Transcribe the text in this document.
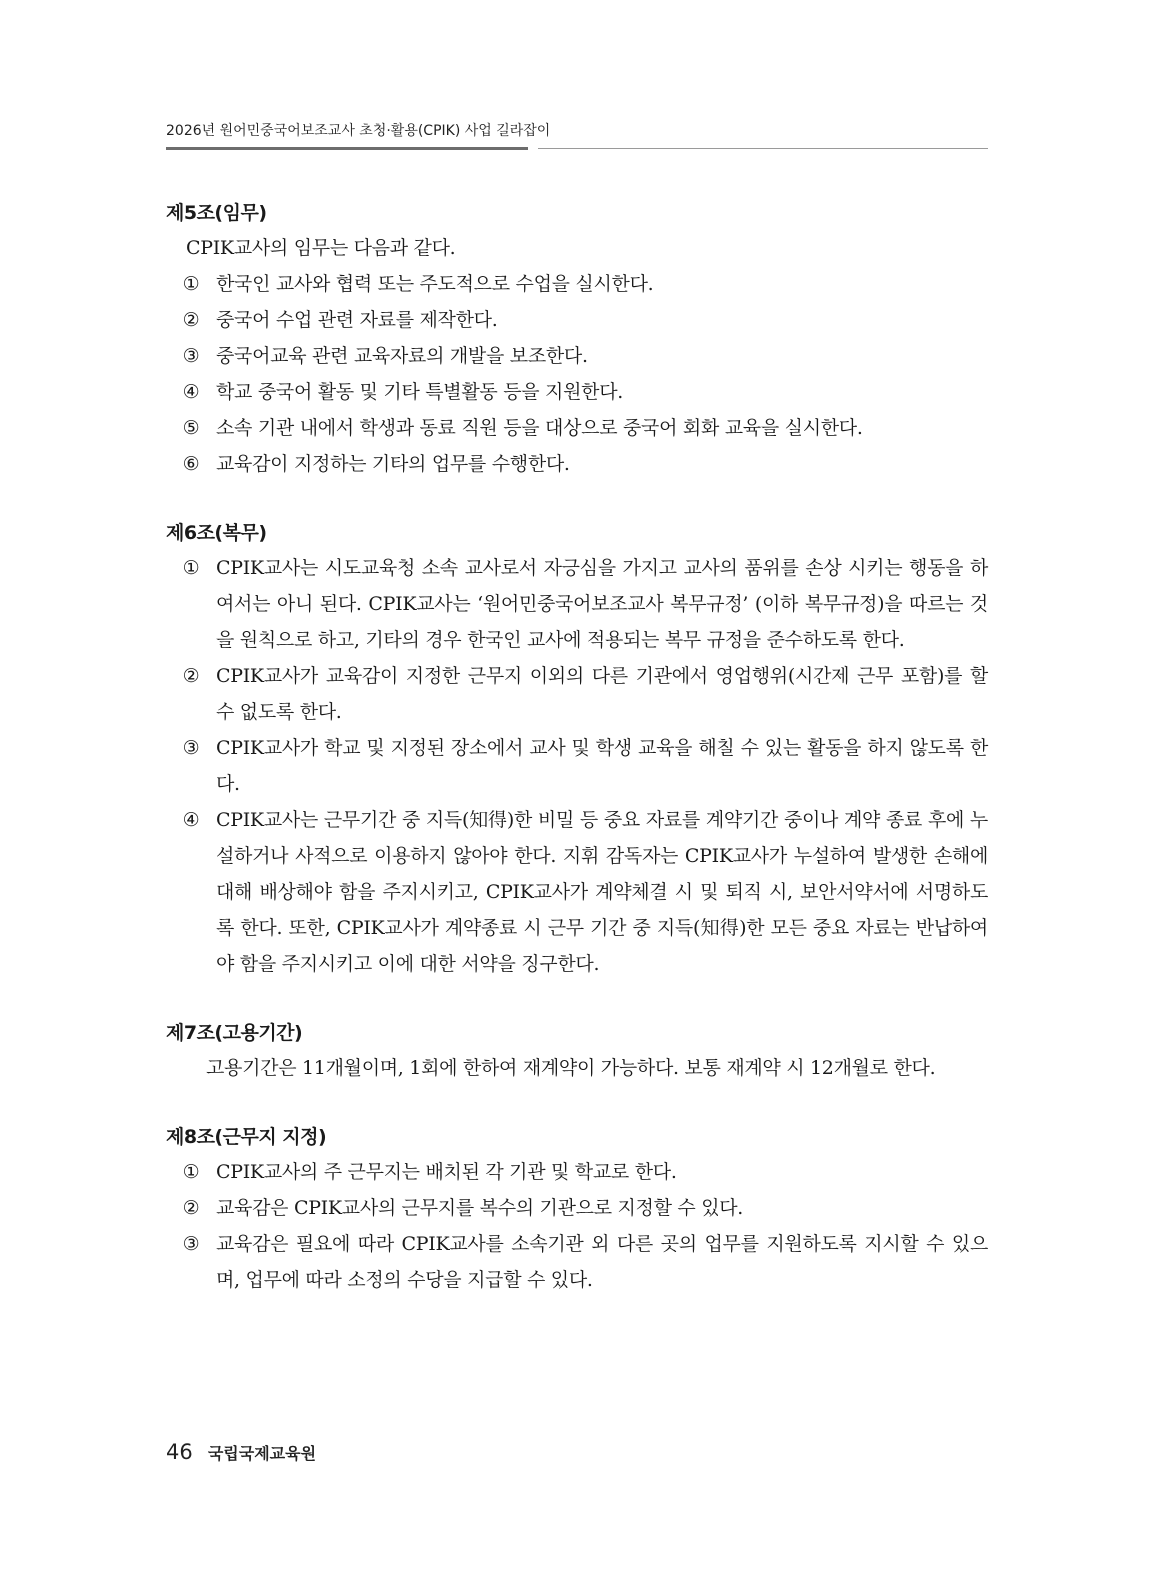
2026년 원어민중국어보조교사 초청·활용(CPIK) 사업 길라잡이
제5조(임무)
CPIK교사의 임무는 다음과 같다.
① 한국인 교사와 협력 또는 주도적으로 수업을 실시한다.
② 중국어 수업 관련 자료를 제작한다.
③ 중국어교육 관련 교육자료의 개발을 보조한다.
④ 학교 중국어 활동 및 기타 특별활동 등을 지원한다.
⑤ 소속 기관 내에서 학생과 동료 직원 등을 대상으로 중국어 회화 교육을 실시한다.
⑥ 교육감이 지정하는 기타의 업무를 수행한다.
제6조(복무)
① CPIK교사는 시도교육청 소속 교사로서 자긍심을 가지고 교사의 품위를 손상 시키는 행동을 하여서는 아니 된다. CPIK교사는 ‘원어민중국어보조교사 복무규정’ (이하 복무규정)을 따르는 것을 원칙으로 하고, 기타의 경우 한국인 교사에 적용되는 복무 규정을 준수하도록 한다.
② CPIK교사가 교육감이 지정한 근무지 이외의 다른 기관에서 영업행위(시간제 근무 포함)를 할 수 없도록 한다.
③ CPIK교사가 학교 및 지정된 장소에서 교사 및 학생 교육을 해칠 수 있는 활동을 하지 않도록 한다.
④ CPIK교사는 근무기간 중 지득(知得)한 비밀 등 중요 자료를 계약기간 중이나 계약 종료 후에 누설하거나 사적으로 이용하지 않아야 한다. 지휘 감독자는 CPIK교사가 누설하여 발생한 손해에 대해 배상해야 함을 주지시키고, CPIK교사가 계약체결 시 및 퇴직 시, 보안서약서에 서명하도록 한다. 또한, CPIK교사가 계약종료 시 근무 기간 중 지득(知得)한 모든 중요 자료는 반납하여야 함을 주지시키고 이에 대한 서약을 징구한다.
제7조(고용기간)
고용기간은 11개월이며, 1회에 한하여 재계약이 가능하다. 보통 재계약 시 12개월로 한다.
제8조(근무지 지정)
① CPIK교사의 주 근무지는 배치된 각 기관 및 학교로 한다.
② 교육감은 CPIK교사의 근무지를 복수의 기관으로 지정할 수 있다.
③ 교육감은 필요에 따라 CPIK교사를 소속기관 외 다른 곳의 업무를 지원하도록 지시할 수 있으며, 업무에 따라 소정의 수당을 지급할 수 있다.
46 국립국제교육원
